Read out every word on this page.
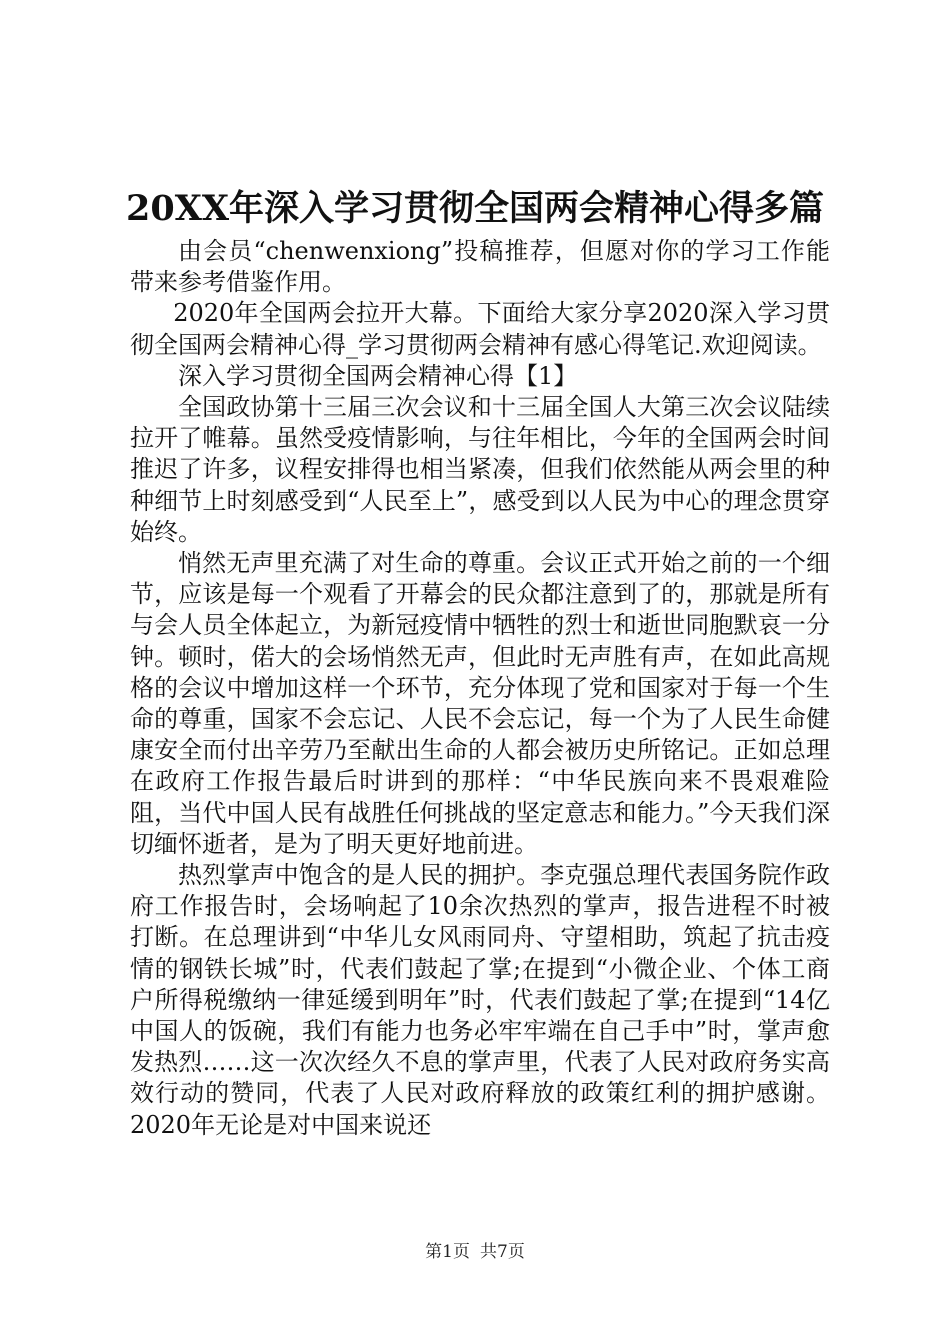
20XX年深入学习贯彻全国两会精神心得多篇

由会员“chenwenxiong”投稿推荐，但愿对你的学习工作能带来参考借鉴作用。

2020年全国两会拉开大幕。下面给大家分享2020深入学习贯彻全国两会精神心得_学习贯彻两会精神有感心得笔记.欢迎阅读。

深入学习贯彻全国两会精神心得【1】

全国政协第十三届三次会议和十三届全国人大第三次会议陆续拉开了帷幕。虽然受疫情影响，与往年相比，今年的全国两会时间推迟了许多，议程安排得也相当紧凑，但我们依然能从两会里的种种细节上时刻感受到“人民至上”，感受到以人民为中心的理念贯穿始终。

悄然无声里充满了对生命的尊重。会议正式开始之前的一个细节，应该是每一个观看了开幕会的民众都注意到了的，那就是所有与会人员全体起立，为新冠疫情中牺牲的烈士和逝世同胞默哀一分钟。顿时，偌大的会场悄然无声，但此时无声胜有声，在如此高规格的会议中增加这样一个环节，充分体现了党和国家对于每一个生命的尊重，国家不会忘记、人民不会忘记，每一个为了人民生命健康安全而付出辛劳乃至献出生命的人都会被历史所铭记。正如总理在政府工作报告最后时讲到的那样：“中华民族向来不畏艰难险阻，当代中国人民有战胜任何挑战的坚定意志和能力。”今天我们深切缅怀逝者，是为了明天更好地前进。

热烈掌声中饱含的是人民的拥护。李克强总理代表国务院作政府工作报告时，会场响起了10余次热烈的掌声，报告进程不时被打断。在总理讲到“中华儿女风雨同舟、守望相助，筑起了抗击疫情的钢铁长城”时，代表们鼓起了掌;在提到“小微企业、个体工商户所得税缴纳一律延缓到明年”时，代表们鼓起了掌;在提到“14亿中国人的饭碗，我们有能力也务必牢牢端在自己手中”时，掌声愈发热烈……这一次次经久不息的掌声里，代表了人民对政府务实高效行动的赞同，代表了人民对政府释放的政策红利的拥护感谢。2020年无论是对中国来说还

第1页 共7页
